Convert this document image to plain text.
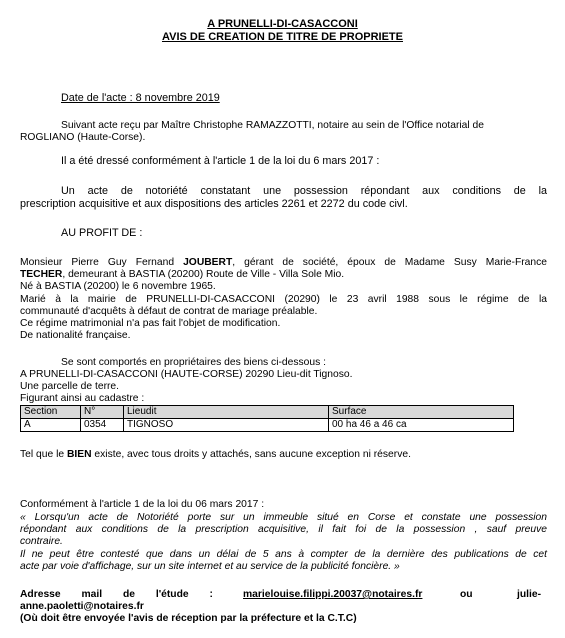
A PRUNELLI-DI-CASACCONI
AVIS DE CREATION DE TITRE DE PROPRIETE
Date de l'acte : 8 novembre 2019
Suivant acte reçu par Maître Christophe RAMAZZOTTI, notaire au sein de l'Office notarial de
ROGLIANO (Haute-Corse).
Il a été dressé conformément à l'article 1 de la loi du 6 mars 2017 :
Un acte de notoriété constatant une possession répondant aux conditions de la
prescription acquisitive et aux dispositions des articles 2261 et 2272 du code civl.
AU PROFIT DE :
Monsieur Pierre Guy Fernand JOUBERT, gérant de société, époux de Madame Susy Marie-France
TECHER, demeurant à BASTIA (20200) Route de Ville - Villa Sole Mio.
Né à BASTIA (20200) le 6 novembre 1965.
Marié à la mairie de PRUNELLI-DI-CASACCONI (20290) le 23 avril 1988 sous le régime de la
communauté d'acquêts à défaut de contrat de mariage préalable.
Ce régime matrimonial n'a pas fait l'objet de modification.
De nationalité française.
Se sont comportés en propriétaires des biens ci-dessous :
A PRUNELLI-DI-CASACCONI (HAUTE-CORSE) 20290 Lieu-dit Tignoso.
Une parcelle de terre.
Figurant ainsi au cadastre :
Section	N°	Lieudit	Surface
A	0354	TIGNOSO	00 ha 46 a 46 ca
Tel que le BIEN existe, avec tous droits y attachés, sans aucune exception ni réserve.
Conformément à l'article 1 de la loi du 06 mars 2017 :
« Lorsqu'un acte de Notoriété porte sur un immeuble situé en Corse et constate une possession
répondant aux conditions de la prescription acquisitive, il fait foi de la possession , sauf preuve
contraire.
Il ne peut être contesté que dans un délai de 5 ans à compter de la dernière des publications de cet
acte par voie d'affichage, sur un site internet et au service de la publicité foncière. »
Adresse mail de l'étude :	marielouise.filippi.20037@notaires.fr	ou	julie-
anne.paoletti@notaires.fr
(Où doit être envoyée l'avis de réception par la préfecture et la C.T.C)
